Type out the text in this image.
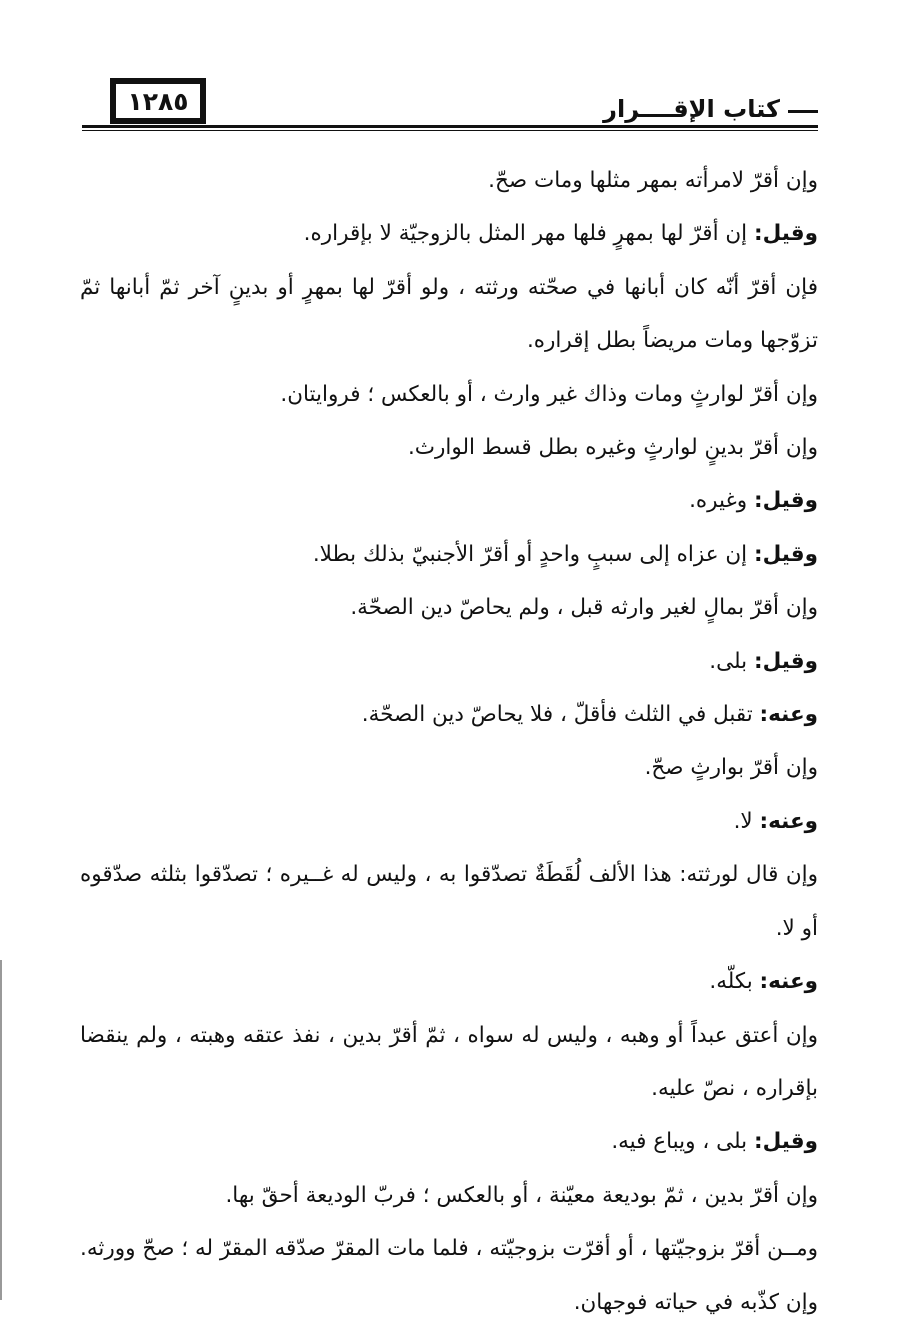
١٢٨٥	كتاب الإقــــرار

وإن أقرّ لامرأته بمهر مثلها ومات صحّ.

وقيل: إن أقرّ لها بمهرٍ فلها مهر المثل بالزوجيّة لا بإقراره.

فإن أقرّ أنّه كان أبانها في صحّته ورثته ، ولو أقرّ لها بمهرٍ أو بدينٍ آخر ثمّ أبانها ثمّ تزوّجها ومات مريضاً بطل إقراره.

وإن أقرّ لوارثٍ ومات وذاك غير وارث ، أو بالعكس ؛ فروايتان.

وإن أقرّ بدينٍ لوارثٍ وغيره بطل قسط الوارث.

وقيل: وغيره.

وقيل: إن عزاه إلى سببٍ واحدٍ أو أقرّ الأجنبيّ بذلك بطلا.

وإن أقرّ بمالٍ لغير وارثه قبل ، ولم يحاصّ دين الصحّة.

وقيل: بلى.

وعنه: تقبل في الثلث فأقلّ ، فلا يحاصّ دين الصحّة.

وإن أقرّ بوارثٍ صحّ.

وعنه: لا.

وإن قال لورثته: هذا الألف لُقَطَةٌ تصدّقوا به ، وليس له غــيره ؛ تصدّقوا بثلثه صدّقوه أو لا.

وعنه: بكلّه.

وإن أعتق عبداً أو وهبه ، وليس له سواه ، ثمّ أقرّ بدين ، نفذ عتقه وهبته ، ولم ينقضا بإقراره ، نصّ عليه.

وقيل: بلى ، ويباع فيه.

وإن أقرّ بدين ، ثمّ بوديعة معيّنة ، أو بالعكس ؛ فربّ الوديعة أحقّ بها.

ومــن أقرّ بزوجيّتها ، أو أقرّت بزوجيّته ، فلما مات المقرّ صدّقه المقرّ له ؛ صحّ وورثه. وإن كذّبه في حياته فوجهان.
